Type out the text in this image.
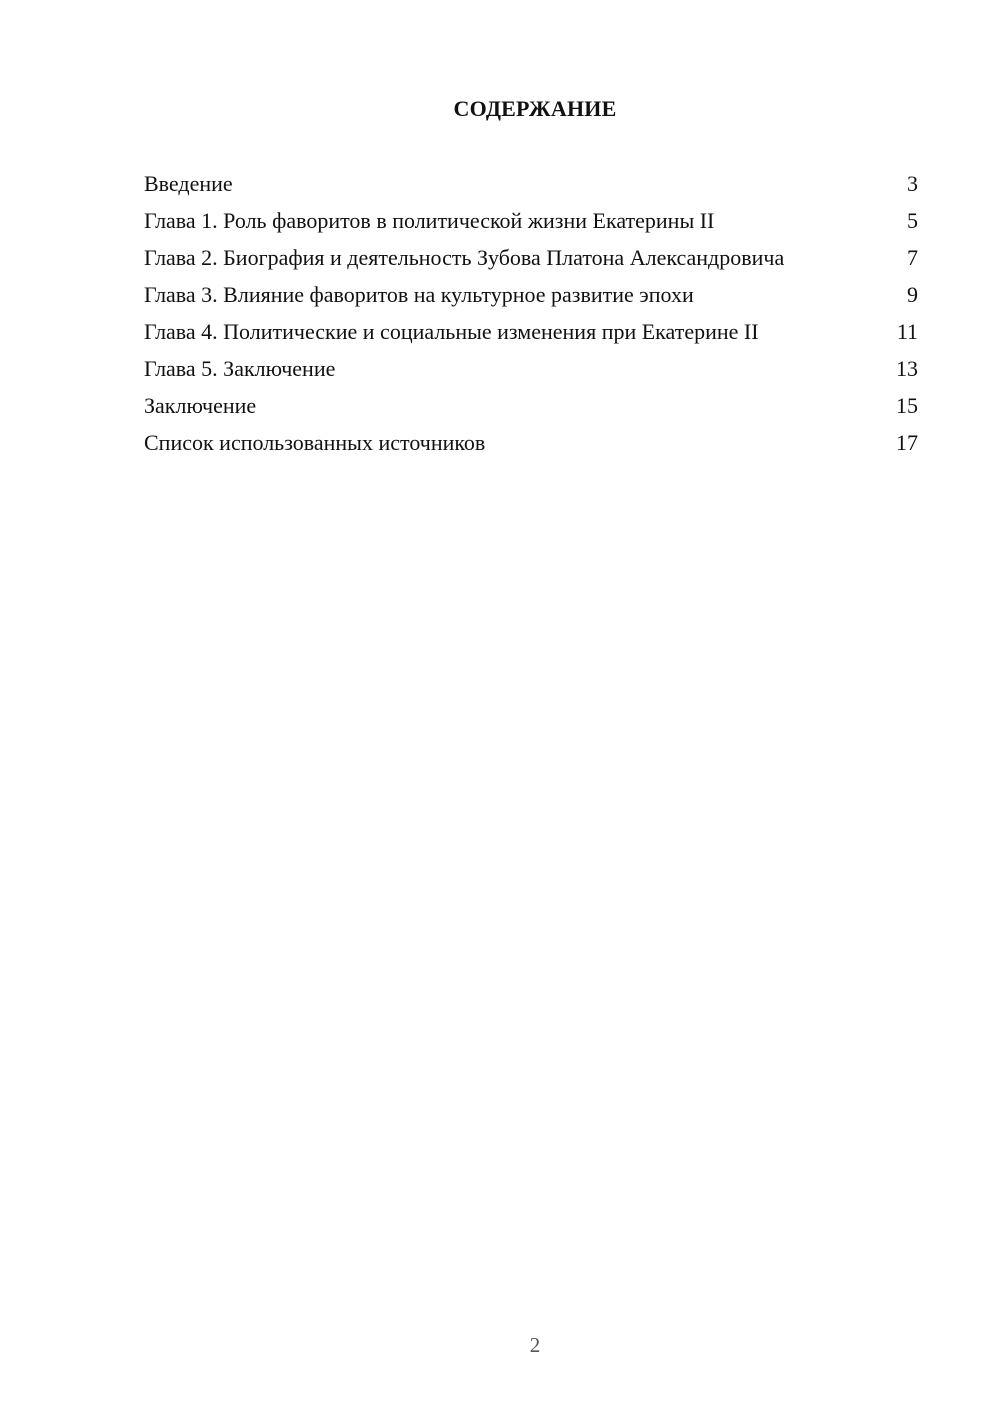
СОДЕРЖАНИЕ
Введение	3
Глава 1. Роль фаворитов в политической жизни Екатерины II	5
Глава 2. Биография и деятельность Зубова Платона Александровича	7
Глава 3. Влияние фаворитов на культурное развитие эпохи	9
Глава 4. Политические и социальные изменения при Екатерине II	11
Глава 5. Заключение	13
Заключение	15
Список использованных источников	17
2
